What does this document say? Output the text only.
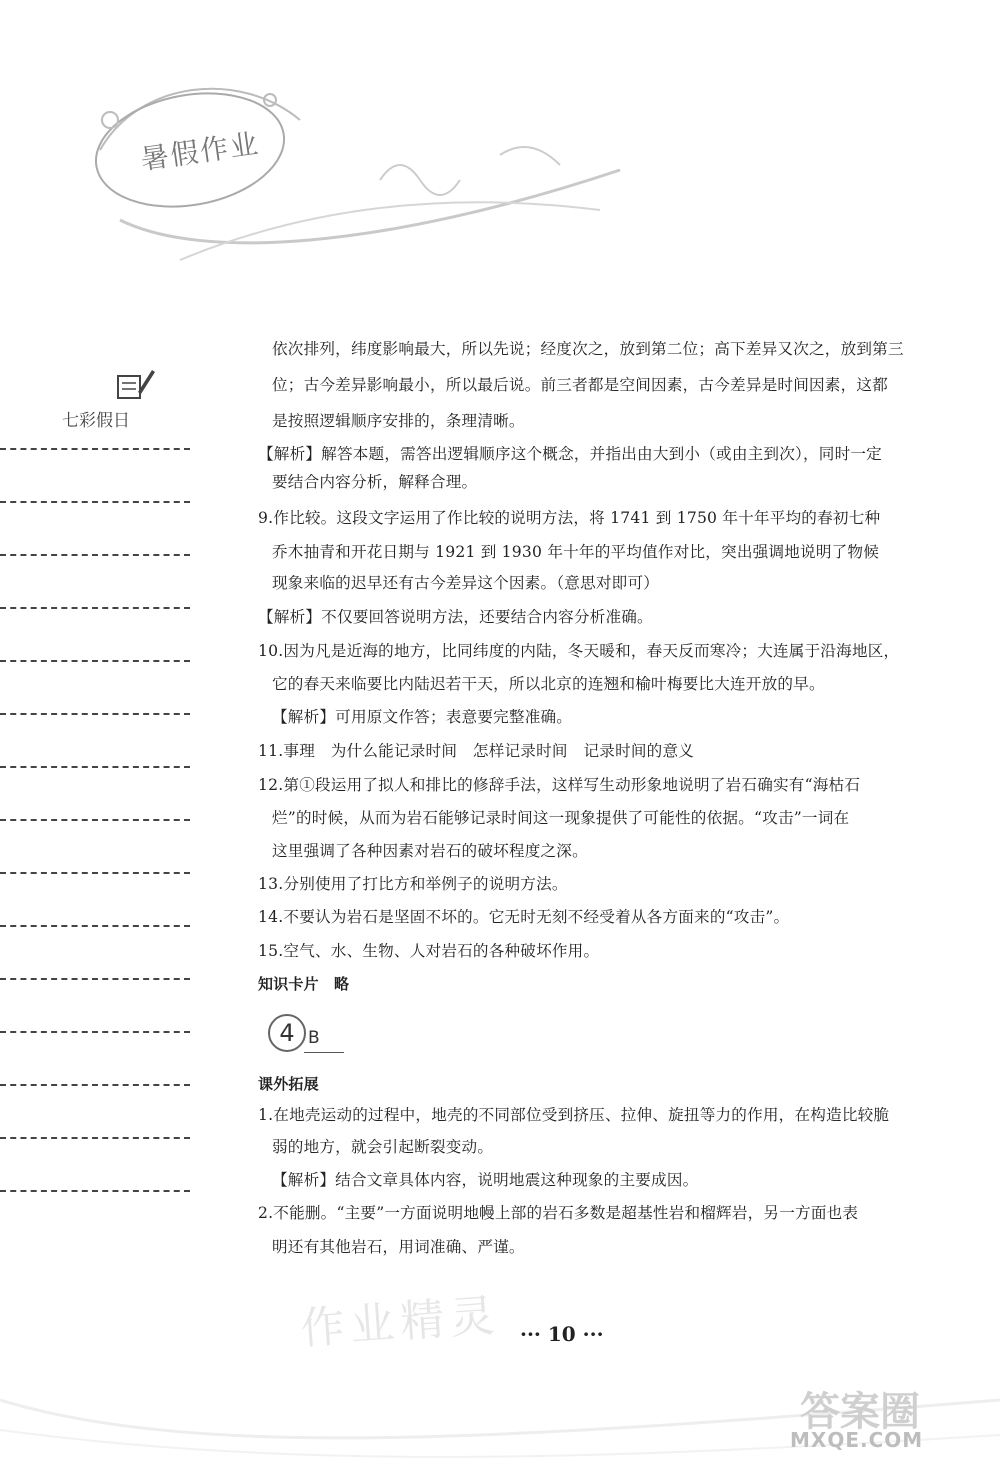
暑假作业
七彩假日
依次排列，纬度影响最大，所以先说；经度次之，放到第二位；高下差异又次之，放到第三
位；古今差异影响最小，所以最后说。前三者都是空间因素，古今差异是时间因素，这都
是按照逻辑顺序安排的，条理清晰。
【解析】解答本题，需答出逻辑顺序这个概念，并指出由大到小（或由主到次），同时一定
要结合内容分析，解释合理。
9.作比较。这段文字运用了作比较的说明方法，将 1741 到 1750 年十年平均的春初七种
乔木抽青和开花日期与 1921 到 1930 年十年的平均值作对比，突出强调地说明了物候
现象来临的迟早还有古今差异这个因素。（意思对即可）
【解析】不仅要回答说明方法，还要结合内容分析准确。
10.因为凡是近海的地方，比同纬度的内陆，冬天暖和，春天反而寒冷；大连属于沿海地区，
它的春天来临要比内陆迟若干天，所以北京的连翘和榆叶梅要比大连开放的早。
【解析】可用原文作答；表意要完整准确。
11.事理　为什么能记录时间　怎样记录时间　记录时间的意义
12.第①段运用了拟人和排比的修辞手法，这样写生动形象地说明了岩石确实有“海枯石
烂”的时候，从而为岩石能够记录时间这一现象提供了可能性的依据。“攻击”一词在
这里强调了各种因素对岩石的破坏程度之深。
13.分别使用了打比方和举例子的说明方法。
14.不要认为岩石是坚固不坏的。它无时无刻不经受着从各方面来的“攻击”。
15.空气、水、生物、人对岩石的各种破坏作用。
知识卡片　略
4 B
课外拓展
1.在地壳运动的过程中，地壳的不同部位受到挤压、拉伸、旋扭等力的作用，在构造比较脆
弱的地方，就会引起断裂变动。
【解析】结合文章具体内容，说明地震这种现象的主要成因。
2.不能删。“主要”一方面说明地幔上部的岩石多数是超基性岩和榴辉岩，另一方面也表
明还有其他岩石，用词准确、严谨。
作业精灵 ··· 10 ···
答案圈
MXQE.COM
